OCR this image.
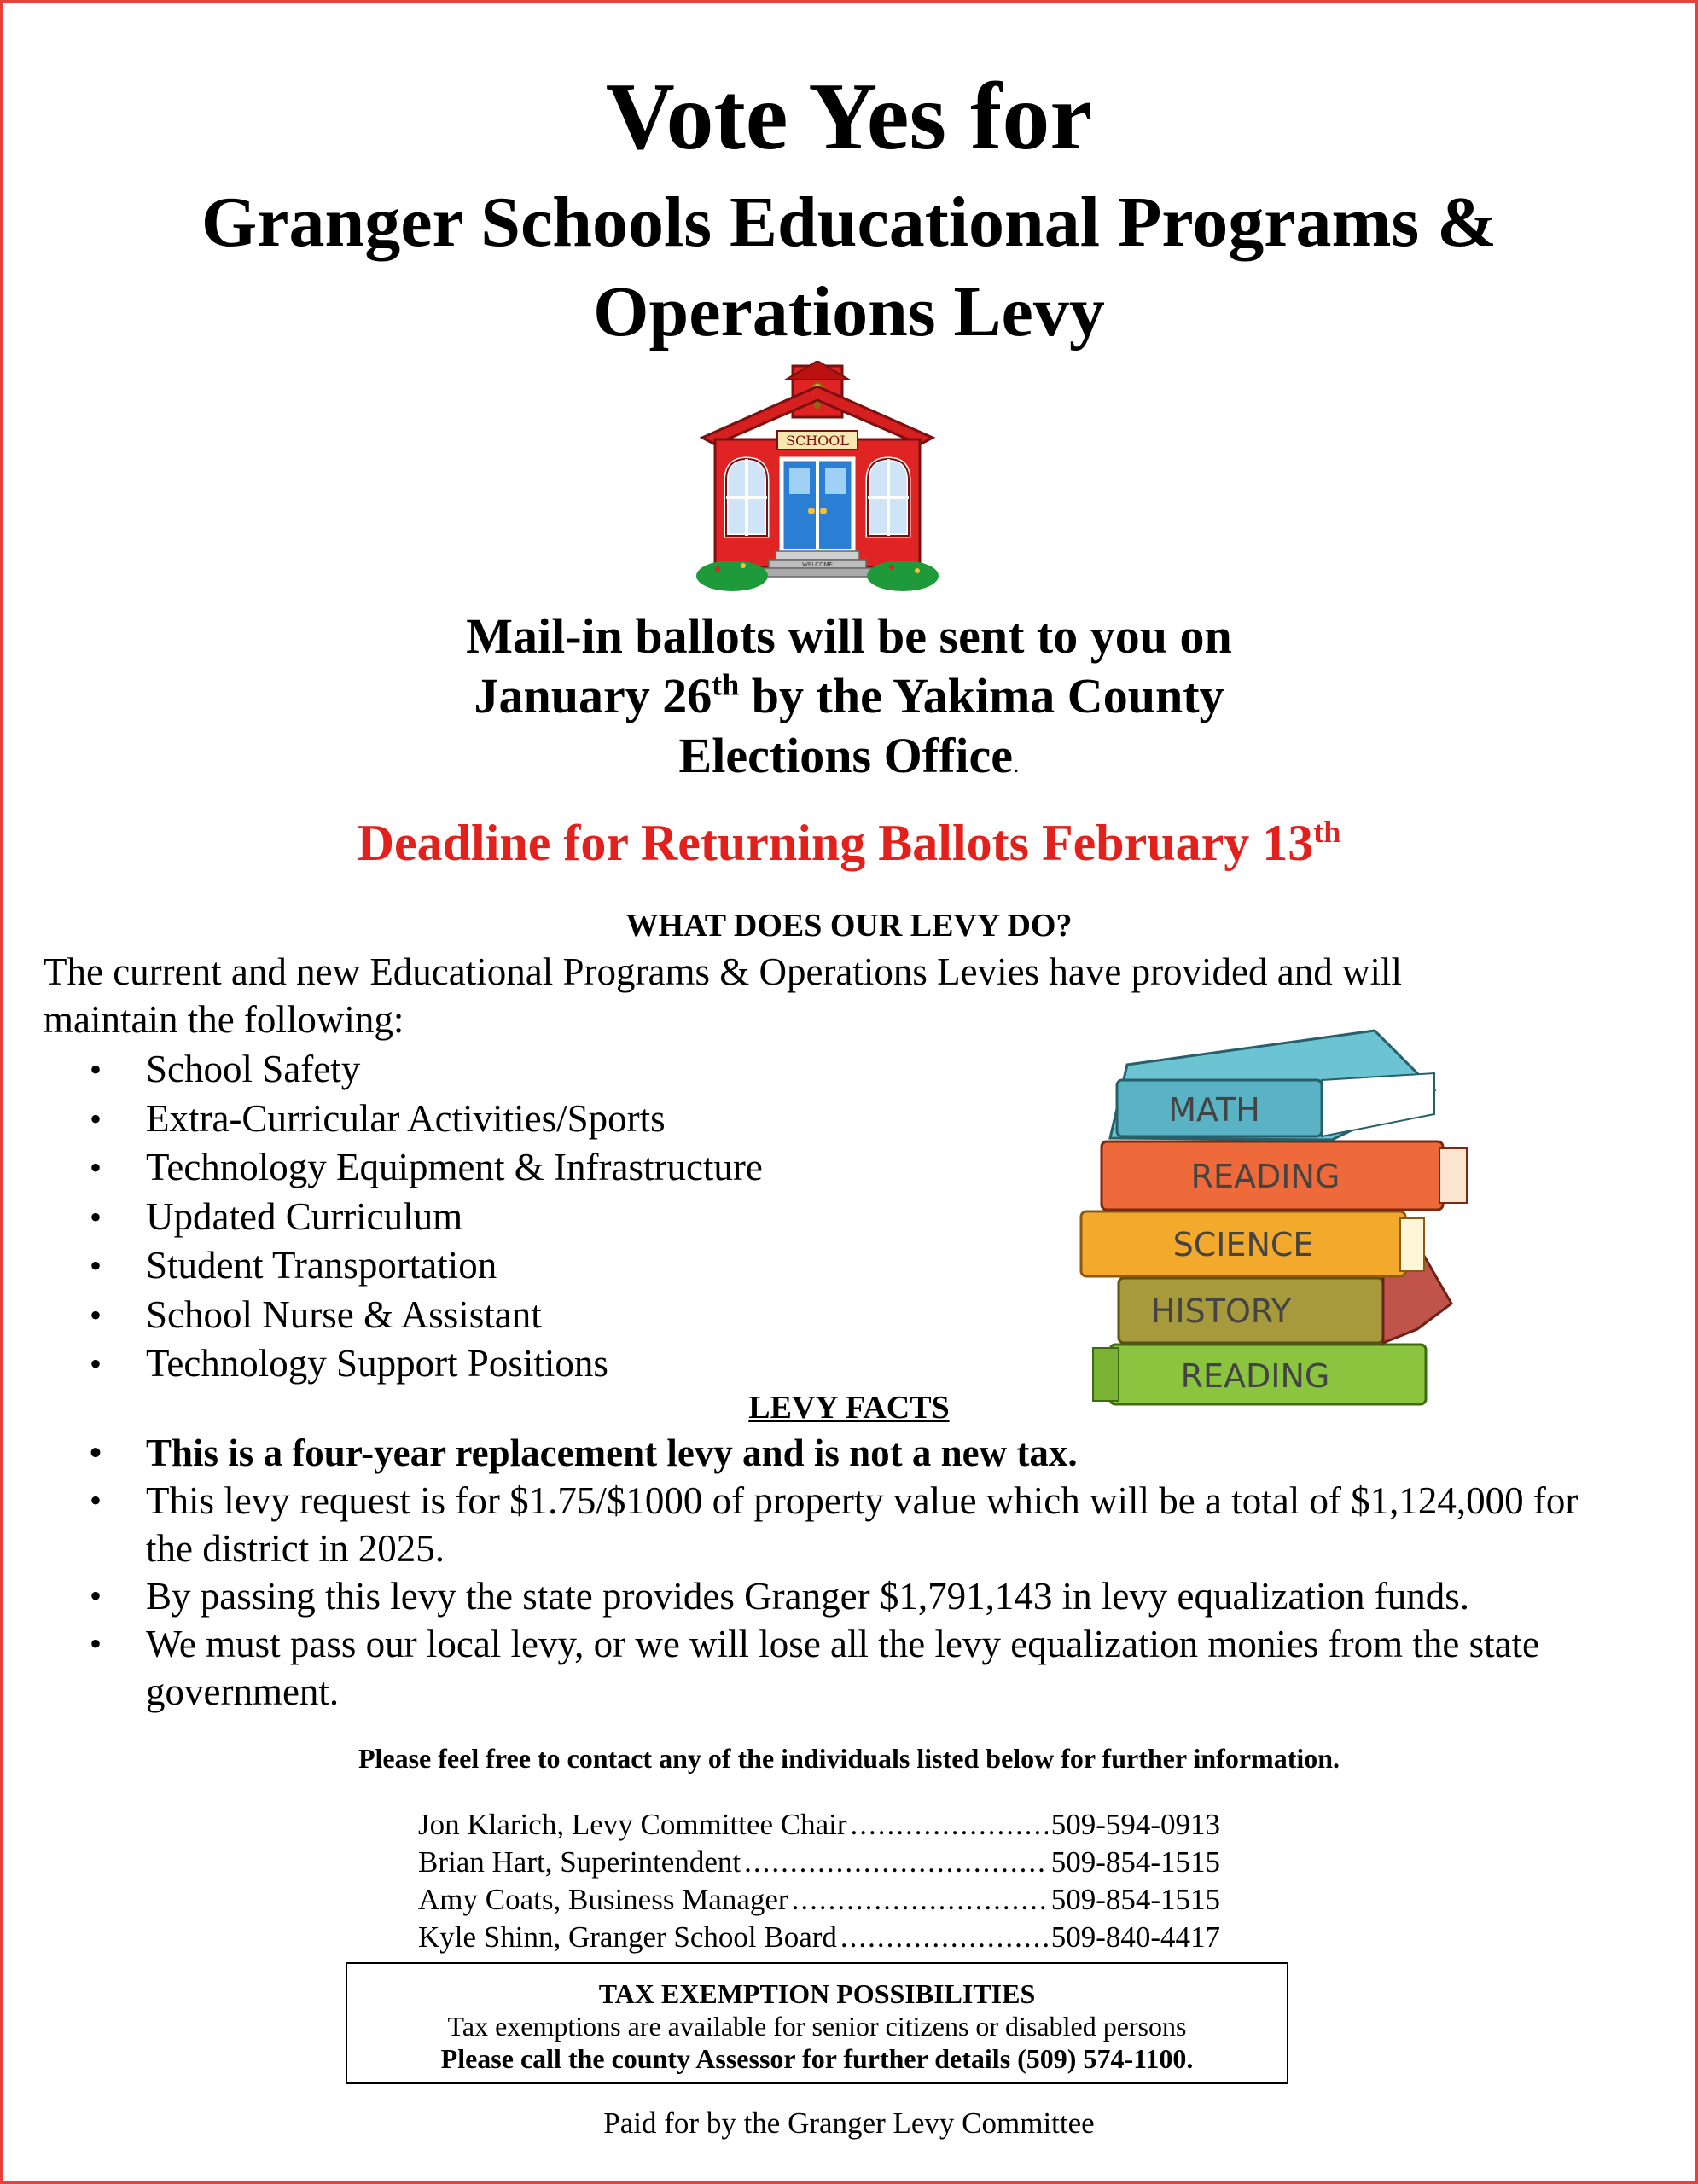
Vote Yes for
Granger Schools Educational Programs &
Operations Levy
SCHOOL
WELCOME
Mail-in ballots will be sent to you on
January 26th by the Yakima County
Elections Office.
Deadline for Returning Ballots February 13th
WHAT DOES OUR LEVY DO?
The current and new Educational Programs & Operations Levies have provided and will maintain the following:
• School Safety
• Extra-Curricular Activities/Sports
• Technology Equipment & Infrastructure
• Updated Curriculum
• Student Transportation
• School Nurse & Assistant
• Technology Support Positions	READING
HISTORY
SCIENCE
READING
MATH
LEVY FACTS
• This is a four-year replacement levy and is not a new tax.
• This levy request is for $1.75/$1000 of property value which will be a total of $1,124,000 for the district in 2025.
• By passing this levy the state provides Granger $1,791,143 in levy equalization funds.
• We must pass our local levy, or we will lose all the levy equalization monies from the state government.
Please feel free to contact any of the individuals listed below for further information.
Jon Klarich, Levy Committee Chair .....	509-594-0913
Brian Hart, Superintendent .....	509-854-1515
Amy Coats, Business Manager .....	509-854-1515
Kyle Shinn, Granger School Board .....	509-840-4417
TAX EXEMPTION POSSIBILITIES
Tax exemptions are available for senior citizens or disabled persons
Please call the county Assessor for further details (509) 574-1100.
Paid for by the Granger Levy Committee
